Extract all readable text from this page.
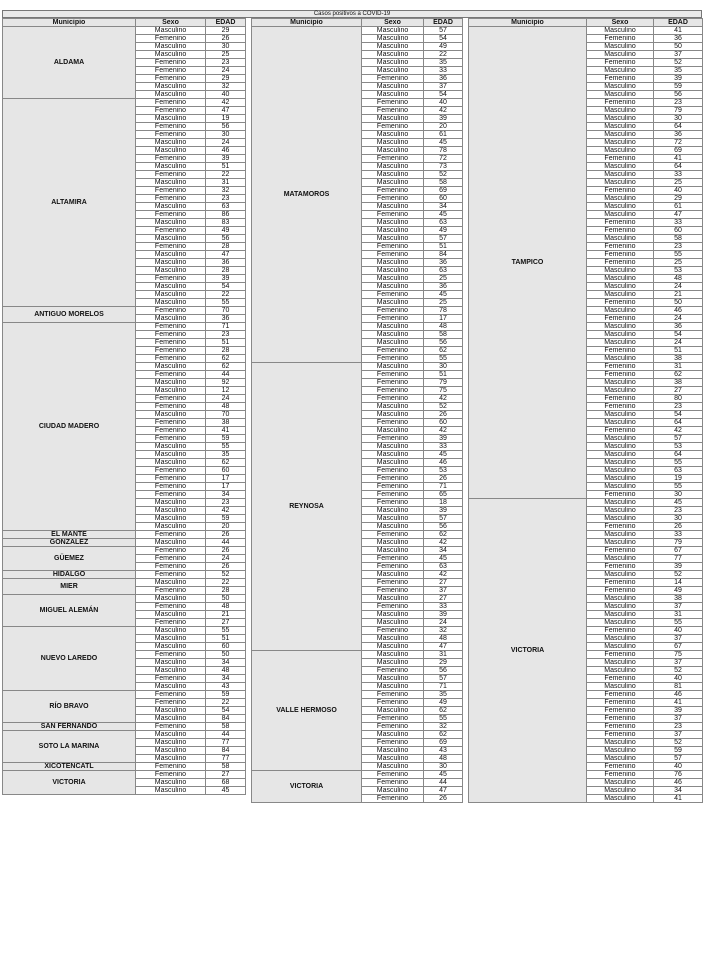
Casos positivos a COVID-19
Municipio	Sexo	EDAD
ALDAMA	Masculino	29
	Femenino	26
	Masculino	30
	Masculino	25
	Femenino	23
	Femenino	24
	Femenino	29
	Masculino	32
	Masculino	40
ALTAMIRA	Femenino	42
	Femenino	47
	Masculino	19
	Femenino	56
	Femenino	30
	Masculino	24
	Masculino	46
	Femenino	39
	Masculino	51
	Femenino	22
	Masculino	31
	Femenino	32
	Femenino	23
	Masculino	63
	Femenino	86
	Masculino	83
	Femenino	49
	Masculino	56
	Femenino	28
	Masculino	47
	Masculino	36
	Masculino	28
	Femenino	39
	Masculino	54
	Masculino	22
	Masculino	55
ANTIGUO MORELOS	Femenino	70
	Masculino	36
CIUDAD MADERO	Femenino	71
	Femenino	23
	Femenino	51
	Femenino	28
	Femenino	62
	Masculino	62
	Femenino	44
	Masculino	92
	Masculino	12
	Femenino	24
	Femenino	48
	Masculino	70
	Femenino	38
	Femenino	41
	Femenino	59
	Masculino	55
	Masculino	35
	Masculino	62
	Femenino	60
	Femenino	17
	Femenino	17
	Femenino	34
	Masculino	23
	Masculino	42
	Masculino	59
	Masculino	20
EL MANTE	Femenino	26
GONZÁLEZ	Masculino	44
GÜEMEZ	Femenino	26
	Femenino	24
	Femenino	26
HIDALGO	Femenino	52
MIER	Masculino	22
	Femenino	28
MIGUEL ALEMÁN	Masculino	50
	Femenino	48
	Masculino	21
	Femenino	27
NUEVO LAREDO	Masculino	55
	Masculino	51
	Masculino	60
	Femenino	50
	Masculino	34
	Masculino	48
	Femenino	34
	Masculino	43
RÍO BRAVO	Femenino	59
	Femenino	22
	Masculino	54
	Masculino	84
SAN FERNANDO	Femenino	58
SOTO LA MARINA	Masculino	44
	Masculino	77
	Masculino	84
	Masculino	77
XICOTÉNCATL	Femenino	58
VICTORIA	Femenino	27
	Masculino	68
	Masculino	45
Municipio	Sexo	EDAD
MATAMOROS	Masculino	57
	Masculino	54
	Masculino	49
	Masculino	22
	Masculino	35
	Masculino	33
	Femenino	36
	Masculino	37
	Masculino	54
	Femenino	40
	Femenino	42
	Masculino	39
	Femenino	20
	Masculino	61
	Masculino	45
	Masculino	78
	Femenino	72
	Masculino	73
	Masculino	52
	Masculino	58
	Femenino	69
	Femenino	60
	Masculino	34
	Femenino	45
	Masculino	63
	Masculino	49
	Masculino	57
	Femenino	51
	Femenino	84
	Masculino	36
	Masculino	63
	Masculino	25
	Masculino	36
	Femenino	45
	Masculino	25
	Femenino	78
	Femenino	17
	Masculino	48
	Masculino	58
	Masculino	56
	Femenino	62
	Femenino	55
REYNOSA	Masculino	30
	Femenino	51
	Femenino	79
	Femenino	75
	Femenino	42
	Masculino	52
	Masculino	26
	Femenino	60
	Masculino	42
	Femenino	39
	Masculino	33
	Masculino	45
	Masculino	46
	Femenino	53
	Femenino	26
	Femenino	71
	Femenino	65
	Femenino	18
	Masculino	39
	Masculino	57
	Masculino	56
	Femenino	62
	Masculino	42
	Masculino	34
	Femenino	45
	Femenino	63
	Masculino	42
	Femenino	27
	Femenino	37
	Masculino	27
	Femenino	33
	Masculino	39
	Masculino	24
	Femenino	32
	Masculino	48
	Masculino	47
VALLE HERMOSO	Masculino	31
	Masculino	29
	Femenino	56
	Masculino	57
	Masculino	71
	Femenino	35
	Femenino	49
	Masculino	62
	Femenino	55
	Femenino	32
	Masculino	62
	Femenino	69
	Masculino	43
	Masculino	48
	Masculino	30
VICTORIA	Femenino	45
	Femenino	44
	Masculino	47
	Femenino	26
Municipio	Sexo	EDAD
TAMPICO	Masculino	41
	Femenino	36
	Masculino	50
	Masculino	37
	Femenino	52
	Masculino	35
	Femenino	39
	Masculino	59
	Masculino	56
	Femenino	23
	Masculino	79
	Masculino	30
	Masculino	64
	Masculino	36
	Masculino	72
	Masculino	69
	Femenino	41
	Masculino	64
	Masculino	33
	Masculino	25
	Femenino	40
	Masculino	29
	Masculino	61
	Masculino	47
	Femenino	33
	Femenino	60
	Masculino	58
	Femenino	23
	Femenino	55
	Femenino	25
	Masculino	53
	Masculino	48
	Masculino	24
	Masculino	21
	Femenino	50
	Masculino	46
	Femenino	24
	Masculino	36
	Masculino	54
	Masculino	24
	Femenino	51
	Masculino	38
	Femenino	31
	Femenino	62
	Masculino	38
	Masculino	27
	Femenino	80
	Femenino	23
	Masculino	54
	Masculino	64
	Femenino	42
	Masculino	57
	Masculino	53
	Masculino	64
	Masculino	55
	Masculino	63
	Masculino	19
	Masculino	55
	Femenino	30
VICTORIA	Masculino	45
	Masculino	23
	Masculino	30
	Femenino	26
	Masculino	33
	Masculino	79
	Femenino	67
	Masculino	77
	Femenino	39
	Masculino	52
	Femenino	14
	Femenino	49
	Masculino	38
	Masculino	37
	Masculino	31
	Masculino	55
	Femenino	40
	Masculino	37
	Masculino	67
	Femenino	75
	Masculino	37
	Masculino	52
	Femenino	40
	Masculino	81
	Femenino	46
	Femenino	41
	Femenino	39
	Femenino	37
	Femenino	23
	Femenino	37
	Masculino	52
	Masculino	59
	Masculino	57
	Femenino	40
	Femenino	76
	Masculino	46
	Masculino	34
	Masculino	41
